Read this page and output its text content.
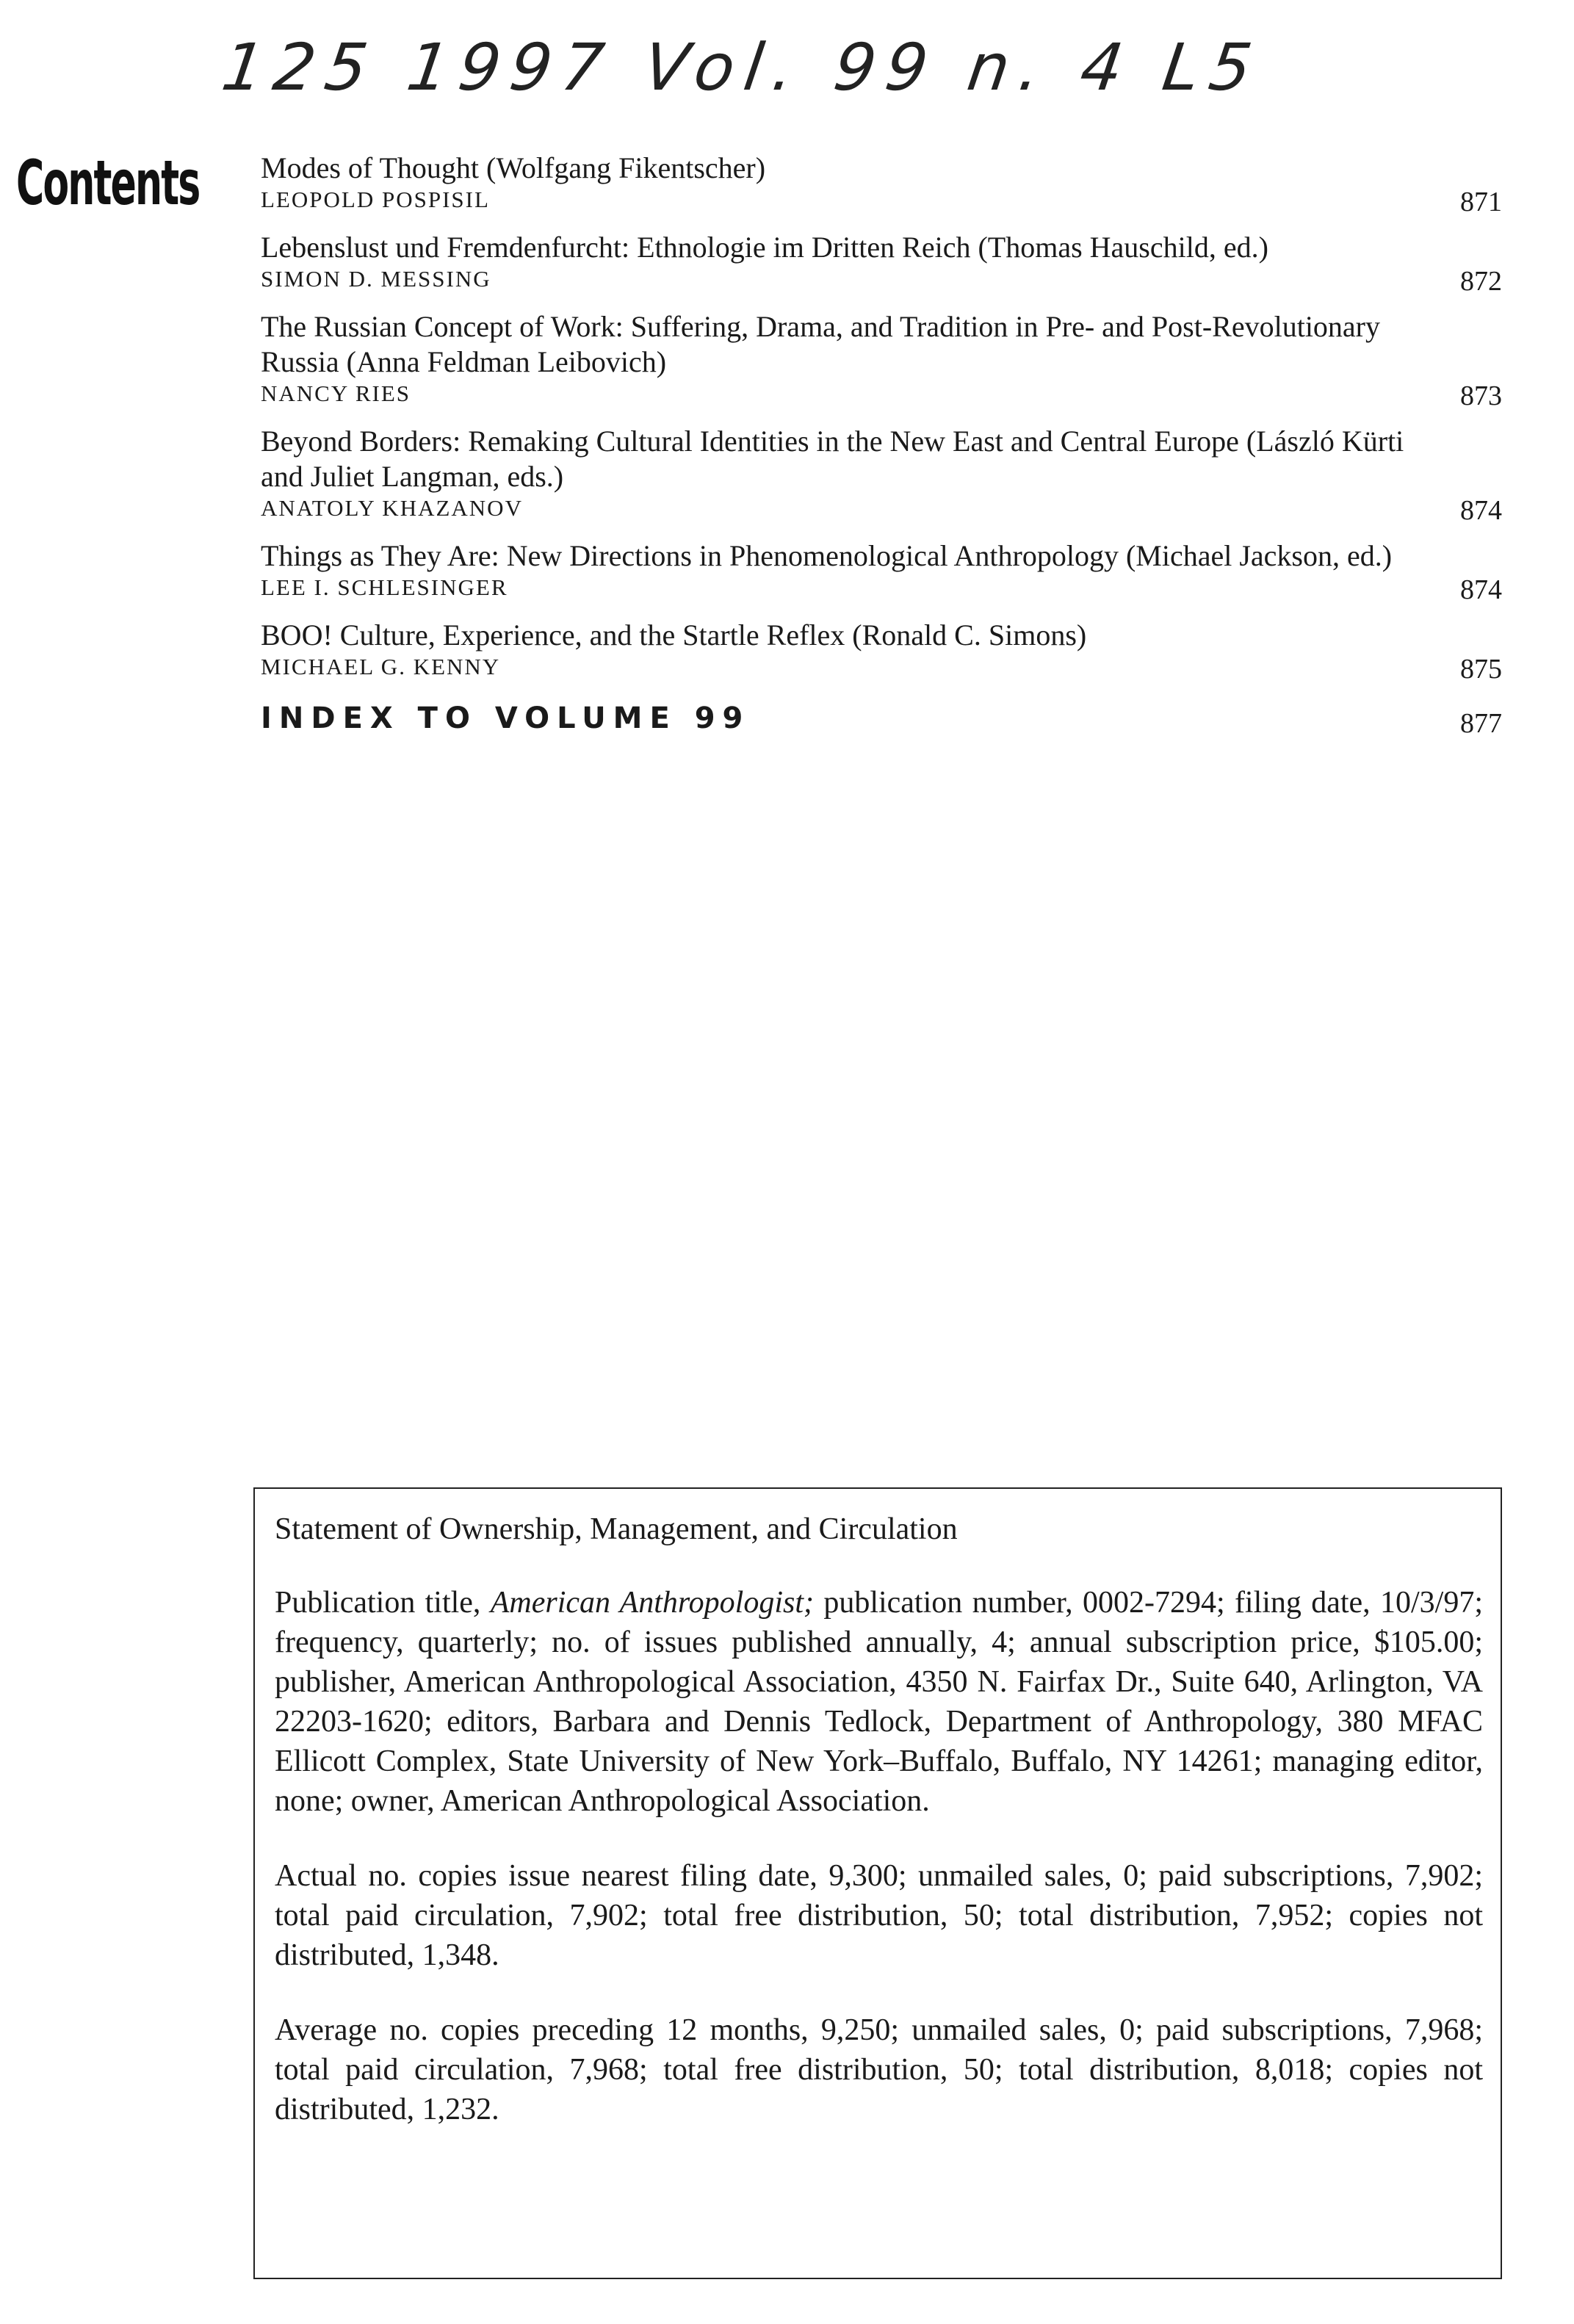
125 1997 Vol. 99 n. 4 L5
Contents Modes of Thought (Wolfgang Fikentscher)
LEOPOLD POSPISIL	871
Lebenslust und Fremdenfurcht: Ethnologie im Dritten Reich (Thomas Hauschild, ed.)
SIMON D. MESSING	872
The Russian Concept of Work: Suffering, Drama, and Tradition in Pre- and Post-Revolutionary Russia (Anna Feldman Leibovich)
NANCY RIES	873
Beyond Borders: Remaking Cultural Identities in the New East and Central Europe (László Kürti and Juliet Langman, eds.)
ANATOLY KHAZANOV	874
Things as They Are: New Directions in Phenomenological Anthropology (Michael Jackson, ed.)
LEE I. SCHLESINGER	874
BOO! Culture, Experience, and the Startle Reflex (Ronald C. Simons)
MICHAEL G. KENNY	875
INDEX TO VOLUME 99	877

Statement of Ownership, Management, and Circulation

Publication title, American Anthropologist; publication number, 0002-7294; filing date, 10/3/97; frequency, quarterly; no. of issues published annually, 4; annual subscription price, $105.00; publisher, American Anthropological Association, 4350 N. Fairfax Dr., Suite 640, Arlington, VA 22203-1620; editors, Barbara and Dennis Tedlock, Department of Anthropology, 380 MFAC Ellicott Complex, State University of New York–Buffalo, Buffalo, NY 14261; managing editor, none; owner, American Anthropological Association.

Actual no. copies issue nearest filing date, 9,300; unmailed sales, 0; paid subscriptions, 7,902; total paid circulation, 7,902; total free distribution, 50; total distribution, 7,952; copies not distributed, 1,348.

Average no. copies preceding 12 months, 9,250; unmailed sales, 0; paid subscriptions, 7,968; total paid circulation, 7,968; total free distribution, 50; total distribution, 8,018; copies not distributed, 1,232.
